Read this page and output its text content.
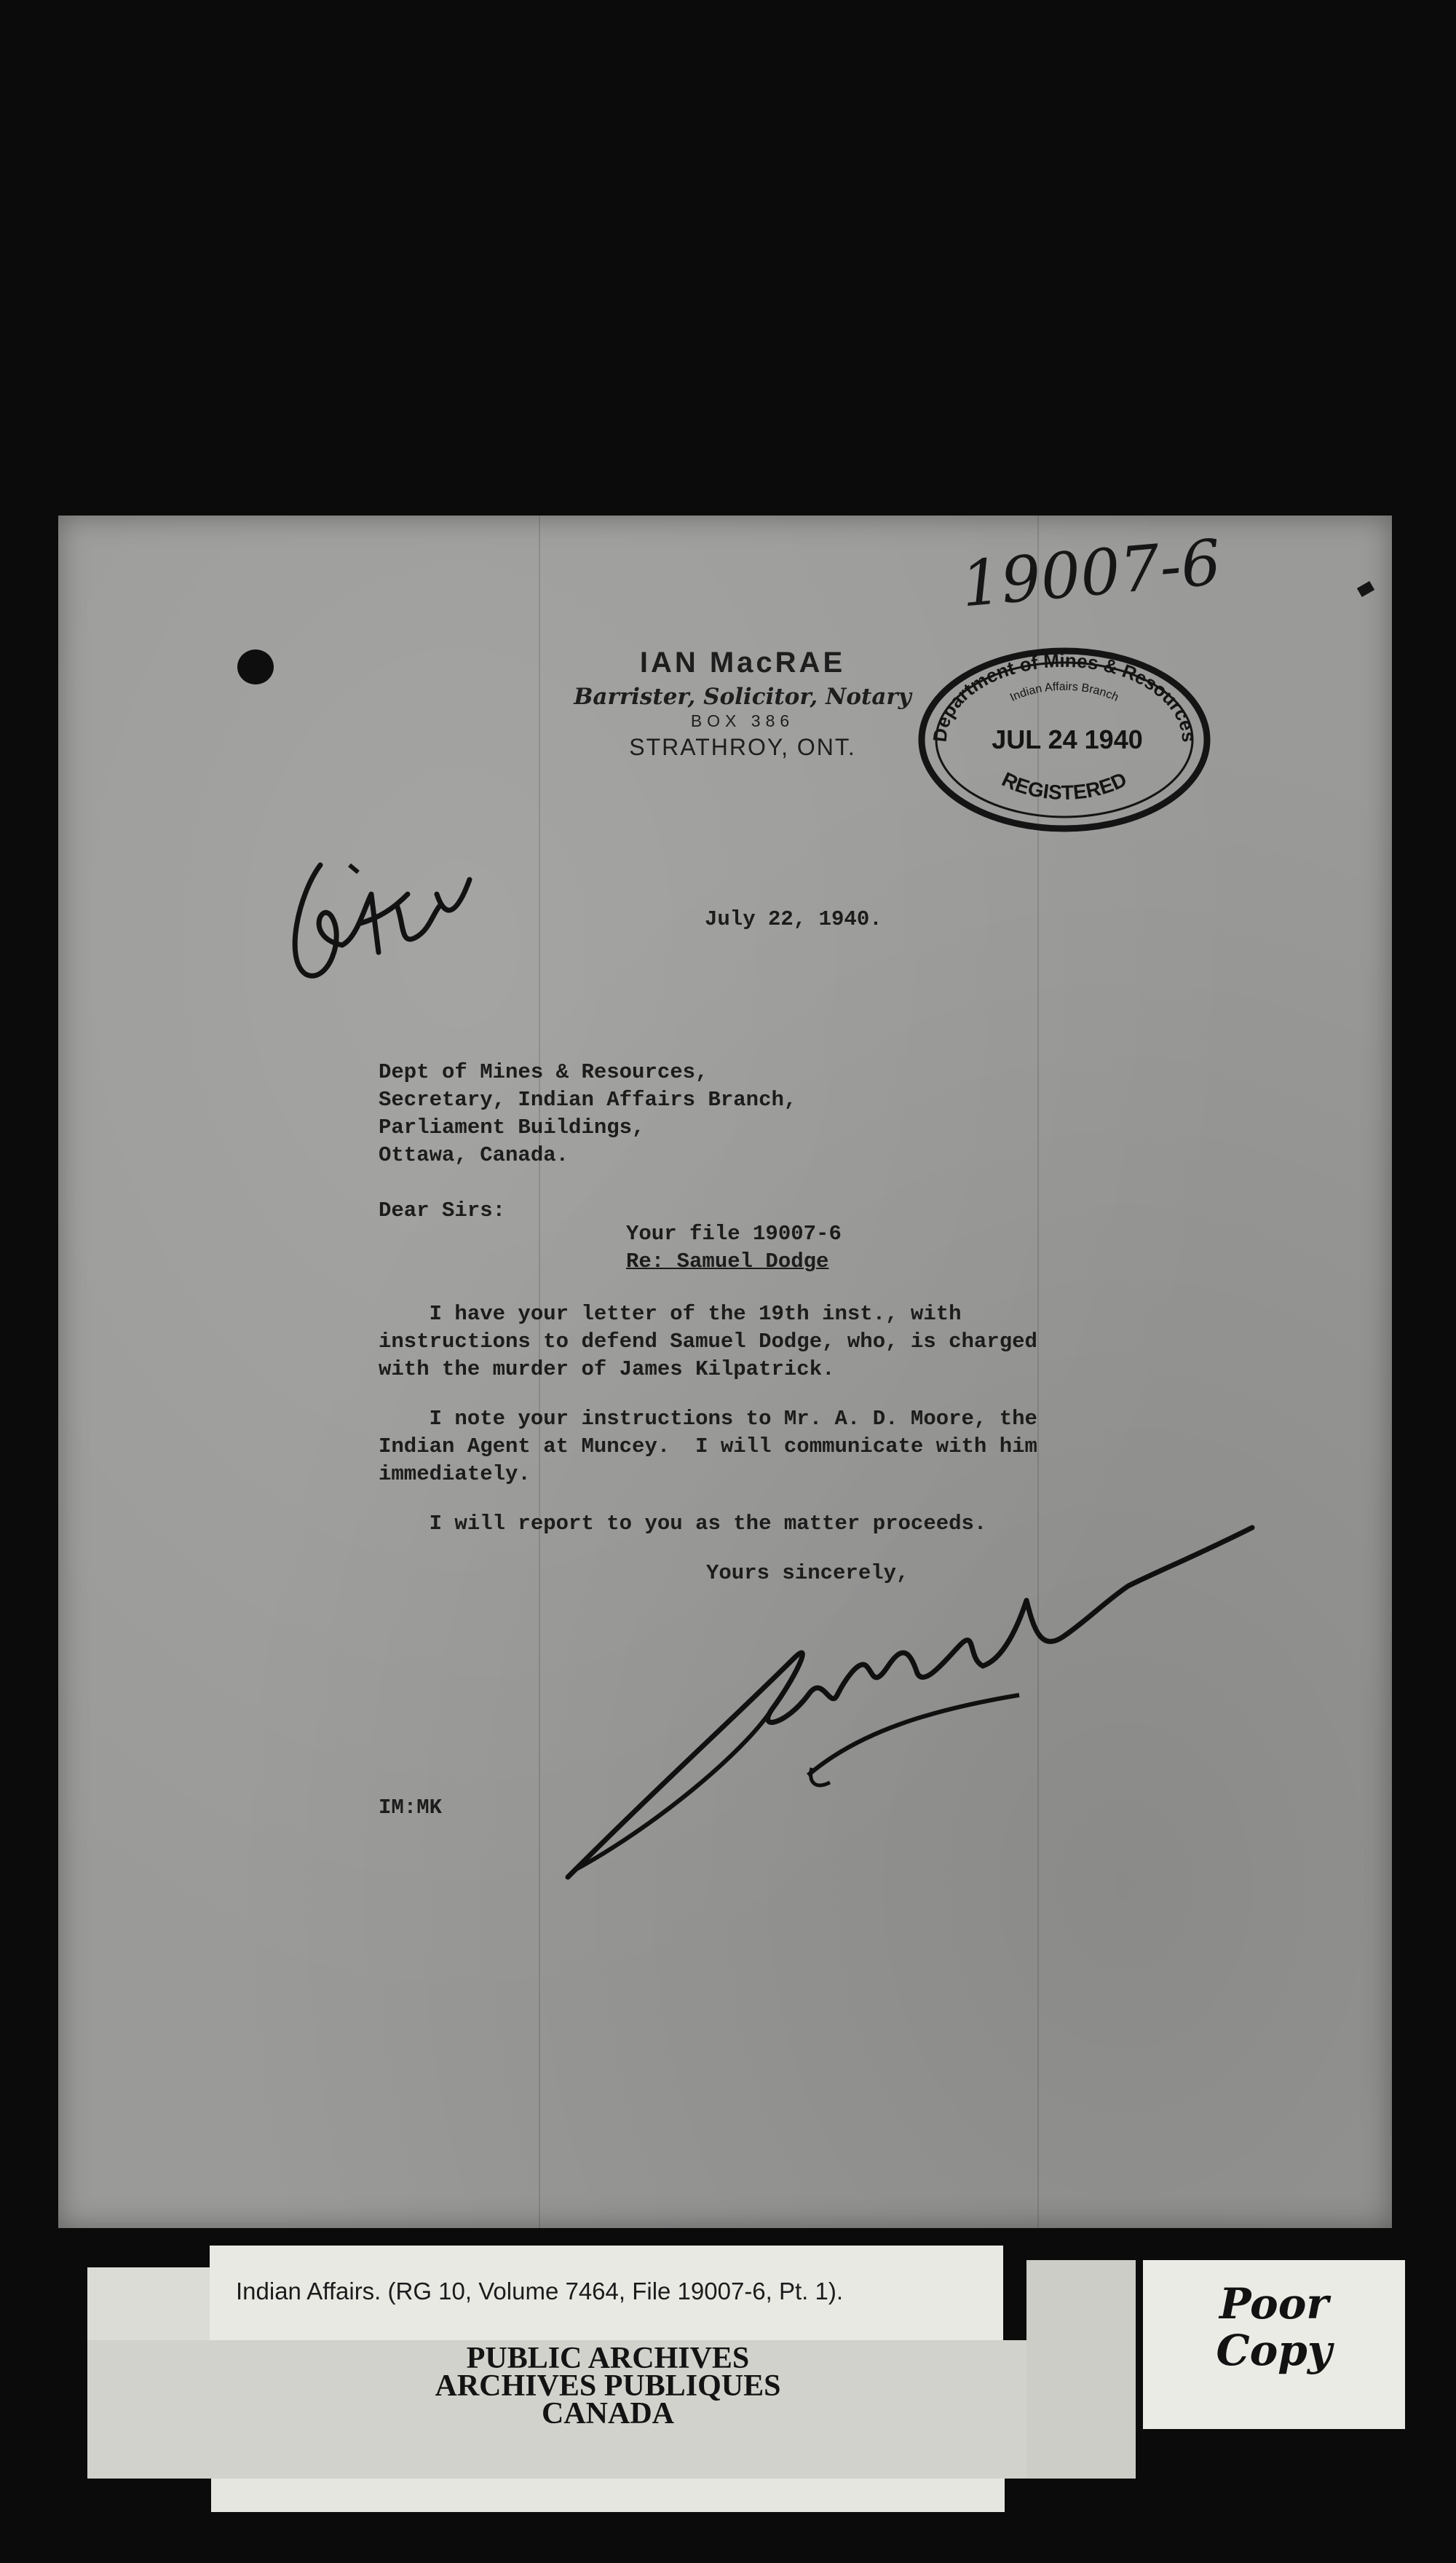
IAN MacRAE
Barrister, Solicitor, Notary
BOX 386
STRATHROY, ONT.
19007-6
Department of Mines & Resources
Indian Affairs Branch
JUL 24 1940
REGISTERED
July 22, 1940.
Dept of Mines & Resources,
Secretary, Indian Affairs Branch,
Parliament Buildings,
Ottawa, Canada.
Dear Sirs:
Your file 19007-6
Re: Samuel Dodge
I have your letter of the 19th inst., with
instructions to defend Samuel Dodge, who, is charged
with the murder of James Kilpatrick.
I note your instructions to Mr. A. D. Moore, the
Indian Agent at Muncey.  I will communicate with him
immediately.
I will report to you as the matter proceeds.
Yours sincerely,
IM:MK
Indian Affairs. (RG 10, Volume 7464, File 19007-6, Pt. 1).
PUBLIC ARCHIVES
ARCHIVES PUBLIQUES
CANADA
Poor
Copy
